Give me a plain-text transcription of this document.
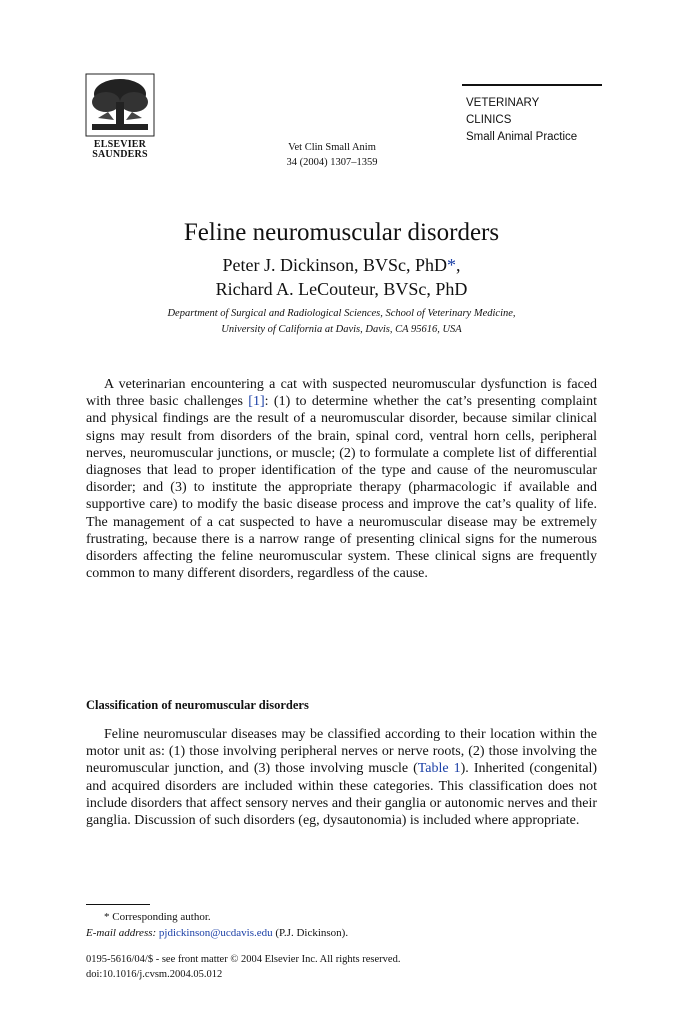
ELSEVIER
SAUNDERS
Vet Clin Small Anim
34 (2004) 1307–1359
VETERINARY
CLINICS
Small Animal Practice
Feline neuromuscular disorders
Peter J. Dickinson, BVSc, PhD*,
Richard A. LeCouteur, BVSc, PhD
Department of Surgical and Radiological Sciences, School of Veterinary Medicine,
University of California at Davis, Davis, CA 95616, USA

A veterinarian encountering a cat with suspected neuromuscular dysfunction is faced with three basic challenges [1]: (1) to determine whether the cat’s presenting complaint and physical findings are the result of a neuromuscular disorder, because similar clinical signs may result from disorders of the brain, spinal cord, ventral horn cells, peripheral nerves, neuromuscular junctions, or muscle; (2) to formulate a complete list of differential diagnoses that lead to proper identification of the type and cause of the neuromuscular disorder; and (3) to institute the appropriate therapy (pharmacologic if available and supportive care) to modify the basic disease process and improve the cat’s quality of life. The management of a cat suspected to have a neuromuscular disease may be extremely frustrating, because there is a narrow range of presenting clinical signs for the numerous disorders affecting the feline neuromuscular system. These clinical signs are frequently common to many different disorders, regardless of the cause.

Classification of neuromuscular disorders

Feline neuromuscular diseases may be classified according to their location within the motor unit as: (1) those involving peripheral nerves or nerve roots, (2) those involving the neuromuscular junction, and (3) those involving muscle (Table 1). Inherited (congenital) and acquired disorders are included within these categories. This classification does not include disorders that affect sensory nerves and their ganglia or autonomic nerves and their ganglia. Discussion of such disorders (eg, dysautonomia) is included where appropriate.

* Corresponding author.
E-mail address: pjdickinson@ucdavis.edu (P.J. Dickinson).
0195-5616/04/$ - see front matter © 2004 Elsevier Inc. All rights reserved.
doi:10.1016/j.cvsm.2004.05.012
